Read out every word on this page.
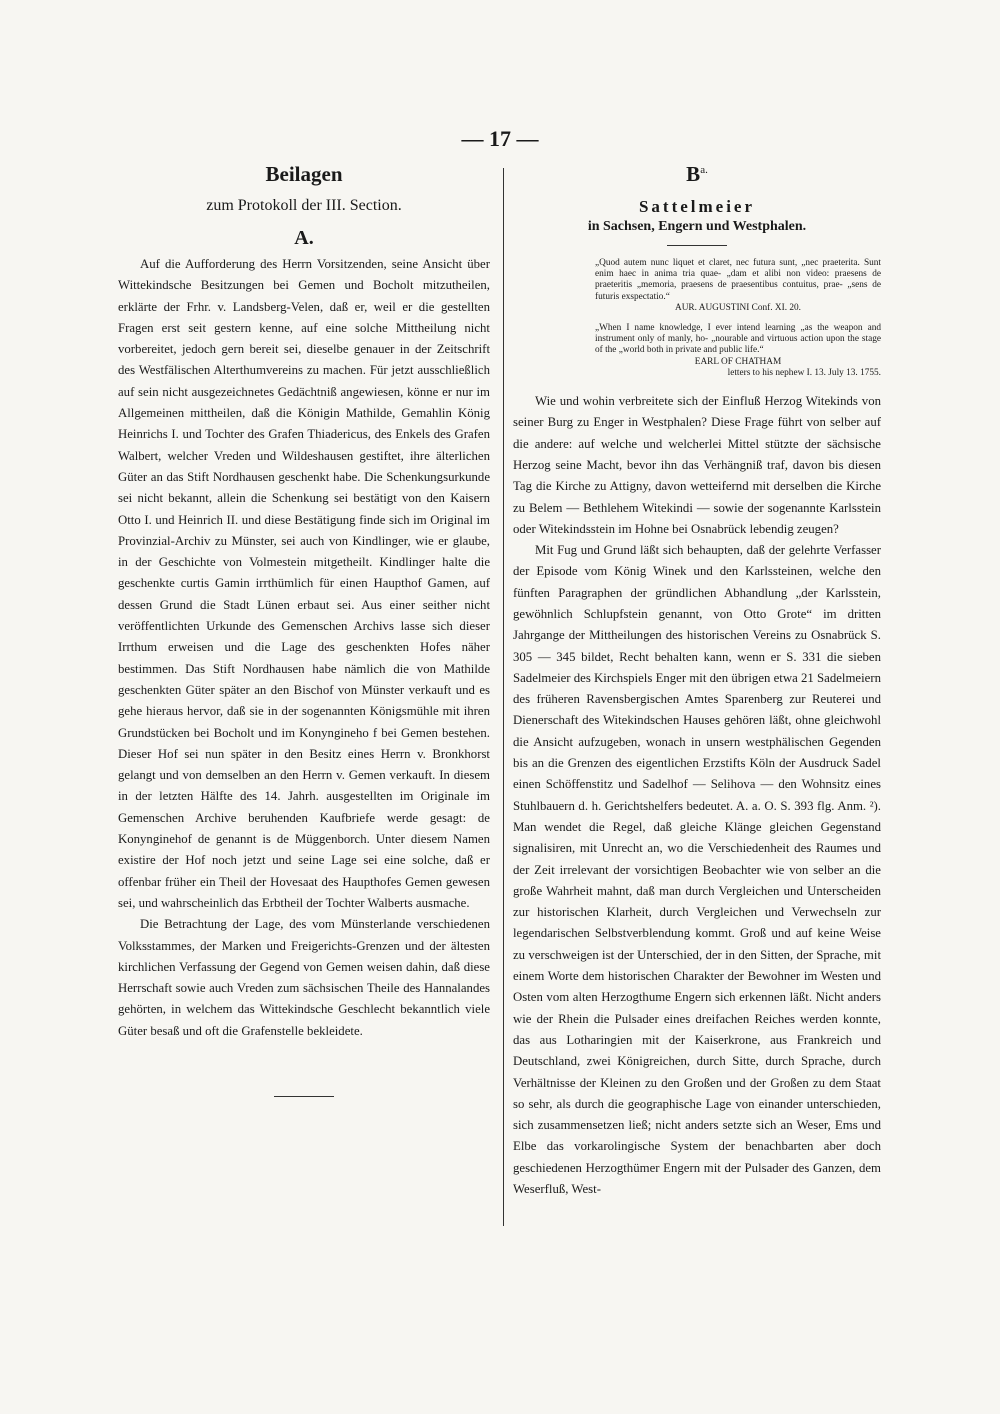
— 17 —
Beilagen

zum Protokoll der III. Section.

A.

Auf die Aufforderung des Herrn Vorsitzenden, seine Ansicht über Wittekindsche Besitzungen bei Gemen und Bocholt mitzutheilen, erklärte der Frhr. v. Landsberg-Velen, daß er, weil er die gestellten Fragen erst seit gestern kenne, auf eine solche Mittheilung nicht vorbereitet, jedoch gern bereit sei, dieselbe genauer in der Zeitschrift des Westfälischen Alterthumvereins zu machen. Für jetzt ausschließlich auf sein nicht ausgezeichnetes Gedächtniß angewiesen, könne er nur im Allgemeinen mittheilen, daß die Königin Mathilde, Gemahlin König Heinrichs I. und Tochter des Grafen Thiadericus, des Enkels des Grafen Walbert, welcher Vreden und Wildeshausen gestiftet, ihre älterlichen Güter an das Stift Nordhausen geschenkt habe. Die Schenkungsurkunde sei nicht bekannt, allein die Schenkung sei bestätigt von den Kaisern Otto I. und Heinrich II. und diese Bestätigung finde sich im Original im Provinzial-Archiv zu Münster, sei auch von Kindlinger, wie er glaube, in der Geschichte von Volmestein mitgetheilt. Kindlinger halte die geschenkte curtis Gamin irrthümlich für einen Haupthof Gamen, auf dessen Grund die Stadt Lünen erbaut sei. Aus einer seither nicht veröffentlichten Urkunde des Gemenschen Archivs lasse sich dieser Irrthum erweisen und die Lage des geschenkten Hofes näher bestimmen. Das Stift Nordhausen habe nämlich die von Mathilde geschenkten Güter später an den Bischof von Münster verkauft und es gehe hieraus hervor, daß sie in der sogenannten Königsmühle mit ihren Grundstücken bei Bocholt und im Konyngineho f bei Gemen bestehen. Dieser Hof sei nun später in den Besitz eines Herrn v. Bronkhorst gelangt und von demselben an den Herrn v. Gemen verkauft. In diesem in der letzten Hälfte des 14. Jahrh. ausgestellten im Originale im Gemenschen Archive beruhenden Kaufbriefe werde gesagt: de Konynginehof de genannt is de Müggenborch. Unter diesem Namen existire der Hof noch jetzt und seine Lage sei eine solche, daß er offenbar früher ein Theil der Hovesaat des Haupthofes Gemen gewesen sei, und wahrscheinlich das Erbtheil der Tochter Walberts ausmache.

Die Betrachtung der Lage, des vom Münsterlande verschiedenen Volksstammes, der Marken und Freigerichts-Grenzen und der ältesten kirchlichen Verfassung der Gegend von Gemen weisen dahin, daß diese Herrschaft sowie auch Vreden zum sächsischen Theile des Hannalandes gehörten, in welchem das Wittekindsche Geschlecht bekanntlich viele Güter besaß und oft die Grafenstelle bekleidete.

$B^{a.}$
Sattelmeier
in Sachsen, Engern und Westphalen.

„Quod autem nunc liquet et claret, nec futura sunt, „nec praeterita. Sunt enim haec in anima tria quae- „dam et alibi non video: praesens de praeteritis „memoria, praesens de praesentibus contuitus, prae- „sens de futuris exspectatio.“

AUR. AUGUSTINI Conf. XI. 20.

„When I name knowledge, I ever intend learning „as the weapon and instrument only of manly, ho- „nourable and virtuous action upon the stage of the „world both in private and public life.“

EARL OF CHATHAM

letters to his nephew I. 13. July 13. 1755.

Wie und wohin verbreitete sich der Einfluß Herzog Witekinds von seiner Burg zu Enger in Westphalen? Diese Frage führt von selber auf die andere: auf welche und welcherlei Mittel stützte der sächsische Herzog seine Macht, bevor ihn das Verhängniß traf, davon bis diesen Tag die Kirche zu Attigny, davon wetteifernd mit derselben die Kirche zu Belem — Bethlehem Witekindi — sowie der sogenannte Karlsstein oder Witekindsstein im Hohne bei Osnabrück lebendig zeugen?

Mit Fug und Grund läßt sich behaupten, daß der gelehrte Verfasser der Episode vom König Winek und den Karlssteinen, welche den fünften Paragraphen der gründlichen Abhandlung „der Karlsstein, gewöhnlich Schlupfstein genannt, von Otto Grote“ im dritten Jahrgange der Mittheilungen des historischen Vereins zu Osnabrück S. 305 — 345 bildet, Recht behalten kann, wenn er S. 331 die sieben Sadelmeier des Kirchspiels Enger mit den übrigen etwa 21 Sadelmeiern des früheren Ravensbergischen Amtes Sparenberg zur Reuterei und Dienerschaft des Witekindschen Hauses gehören läßt, ohne gleichwohl die Ansicht aufzugeben, wonach in unsern westphälischen Gegenden bis an die Grenzen des eigentlichen Erzstifts Köln der Ausdruck Sadel einen Schöffenstitz und Sadelhof — Selihova — den Wohnsitz eines Stuhlbauern d. h. Gerichtshelfers bedeutet. A. a. O. S. 393 flg. Anm. ²). Man wendet die Regel, daß gleiche Klänge gleichen Gegenstand signalisiren, mit Unrecht an, wo die Verschiedenheit des Raumes und der Zeit irrelevant der vorsichtigen Beobachter wie von selber an die große Wahrheit mahnt, daß man durch Vergleichen und Unterscheiden zur historischen Klarheit, durch Vergleichen und Verwechseln zur legendarischen Selbstverblendung kommt. Groß und auf keine Weise zu verschweigen ist der Unterschied, der in den Sitten, der Sprache, mit einem Worte dem historischen Charakter der Bewohner im Westen und Osten vom alten Herzogthume Engern sich erkennen läßt. Nicht anders wie der Rhein die Pulsader eines dreifachen Reiches werden konnte, das aus Lotharingien mit der Kaiserkrone, aus Frankreich und Deutschland, zwei Königreichen, durch Sitte, durch Sprache, durch Verhältnisse der Kleinen zu den Großen und der Großen zu dem Staat so sehr, als durch die geographische Lage von einander unterschieden, sich zusammensetzen ließ; nicht anders setzte sich an Weser, Ems und Elbe das vorkarolingische System der benachbarten aber doch geschiedenen Herzogthümer Engern mit der Pulsader des Ganzen, dem Weserfluß, West-
